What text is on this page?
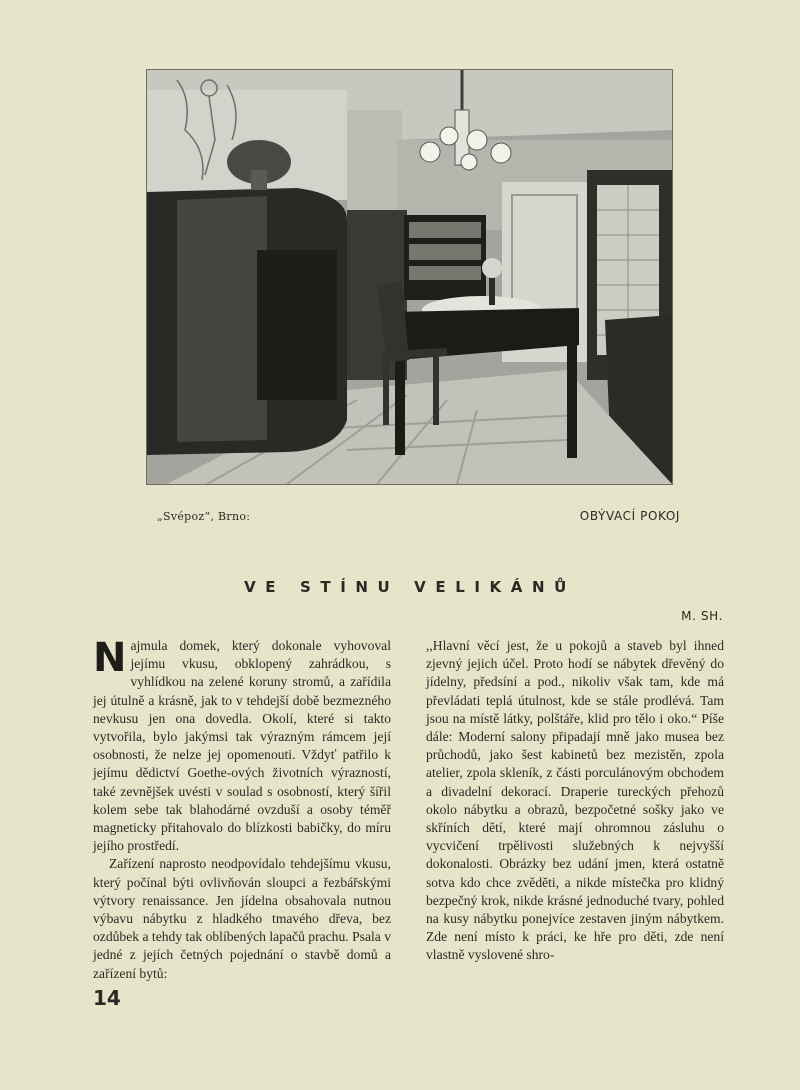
„Svépoz“, Brno:	OBÝVACÍ POKOJ
VE STÍNU VELIKÁNŮ
M. SH.

Najmula domek, který dokonale vyhovoval jejímu vkusu, obklopený zahrádkou, s vyhlídkou na zelené koruny stromů, a zařídila jej útulně a krásně, jak to v tehdejší době bezmezného nevkusu jen ona dovedla. Okolí, které si takto vytvořila, bylo jakýmsi tak výrazným rámcem její osobnosti, že nelze jej opomenouti. Vždyť patřilo k jejímu dědictví Goethe-ových životních výrazností, také zevnějšek uvésti v soulad s osobností, který šířil kolem sebe tak blahodárné ovzduší a osoby téměř magneticky přitahovalo do blízkosti babičky, do míru jejího prostředí.

Zařízení naprosto neodpovídalo tehdejšímu vkusu, který počínal býti ovlivňován sloupci a řezbářskými výtvory renaissance. Jen jídelna obsahovala nutnou výbavu nábytku z hladkého tmavého dřeva, bez ozdůbek a tehdy tak oblíbených lapačů prachu. Psala v jedné z jejích četných pojednání o stavbě domů a zařízení bytů:

,,Hlavní věcí jest, že u pokojů a staveb byl ihned zjevný jejich účel. Proto hodí se nábytek dřevěný do jídelny, předsíní a pod., nikoliv však tam, kde má převládati teplá útulnost, kde se stále prodlévá. Tam jsou na místě látky, polštáře, klid pro tělo i oko.“ Píše dále: Moderní salony připadají mně jako musea bez průchodů, jako šest kabinetů bez mezistěn, zpola atelier, zpola skleník, z části porculánovým obchodem a divadelní dekorací. Draperie tureckých přehozů okolo nábytku a obrazů, bezpočetné sošky jako ve skříních dětí, které mají ohromnou zásluhu o vycvičení trpělivosti služebných k nejvyšší dokonalosti. Obrázky bez udání jmen, která ostatně sotva kdo chce zvěděti, a nikde místečka pro klidný bezpečný krok, nikde krásné jednoduché tvary, pohled na kusy nábytku ponejvíce zestaven jiným nábytkem. Zde není místo k práci, ke hře pro děti, zde není vlastně vyslovené shro-

14
